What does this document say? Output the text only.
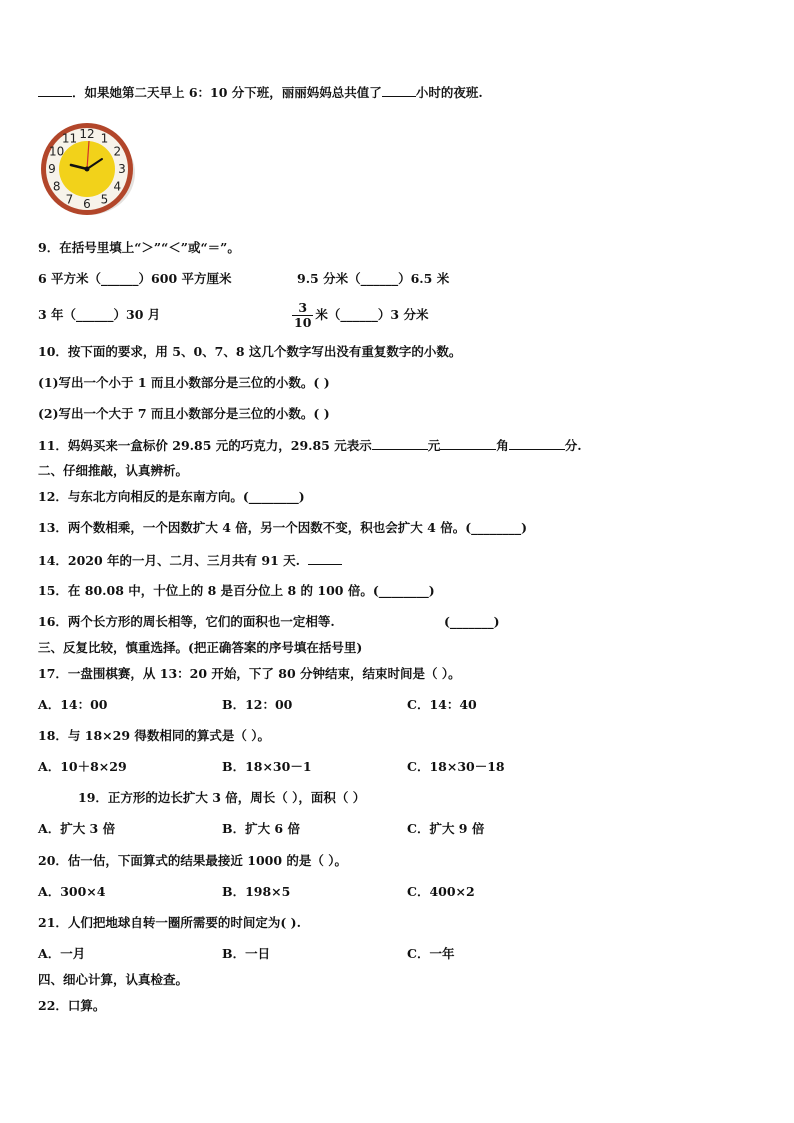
．如果她第二天早上 6：10 分下班，丽丽妈妈总共值了	小时的夜班.
12 1
2
3
4
5
6
7
8
9
10
11
9．在括号里填上“＞”“＜”或“＝”。
6 平方米（______）600 平方厘米	9.5 分米（______）6.5 米
3 年（______）30 月	$\frac{3}{10}$ 米（______）3 分米
10．按下面的要求，用 5、0、7、8 这几个数字写出没有重复数字的小数。
(1)写出一个小于 1 而且小数部分是三位的小数。( )
(2)写出一个大于 7 而且小数部分是三位的小数。( )
11．妈妈买来一盒标价 29.85 元的巧克力，29.85 元表示	元	角	分.
二、仔细推敲，认真辨析。
12．与东北方向相反的是东南方向。(________)
13．两个数相乘，一个因数扩大 4 倍，另一个因数不变，积也会扩大 4 倍。(________)
14．2020 年的一月、二月、三月共有 91 天.
15．在 80.08 中，十位上的 8 是百分位上 8 的 100 倍。(________)
16．两个长方形的周长相等，它们的面积也一定相等.	(_______)
三、反复比较，慎重选择。(把正确答案的序号填在括号里)
17．一盘围棋赛，从 13：20 开始，下了 80 分钟结束，结束时间是（ ）。
A．14：00	B．12：00	C．14：40
18．与 18×29 得数相同的算式是（ ）。
A．10＋8×29	B．18×30－1	C．18×30－18
19．正方形的边长扩大 3 倍，周长（ ），面积（ ）
A．扩大 3 倍	B．扩大 6 倍	C．扩大 9 倍
20．估一估，下面算式的结果最接近 1000 的是（ ）。
A．300×4	B．198×5	C．400×2
21．人们把地球自转一圈所需要的时间定为( ).
A．一月	B．一日	C．一年
四、细心计算，认真检查。
22．口算。
